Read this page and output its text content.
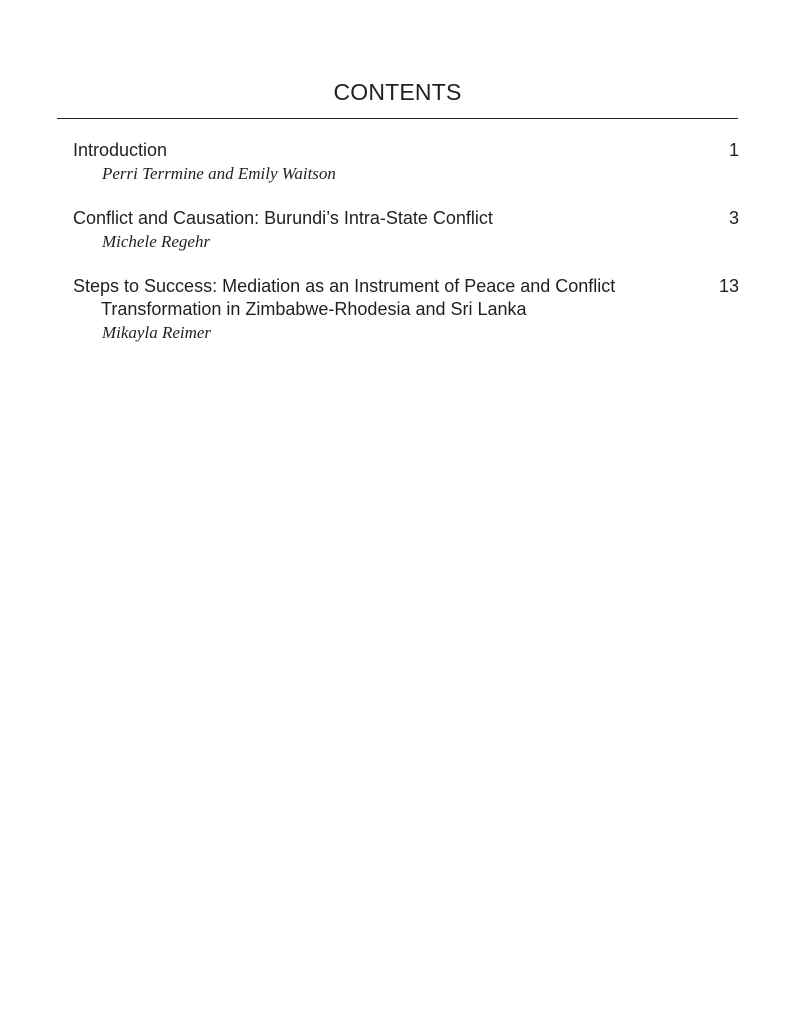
CONTENTS
Introduction	1
Perri Terrmine and Emily Waitson
Conflict and Causation: Burundi’s Intra-State Conflict	3
Michele Regehr
Steps to Success: Mediation as an Instrument of Peace and Conflict Transformation in Zimbabwe-Rhodesia and Sri Lanka
13
Mikayla Reimer
